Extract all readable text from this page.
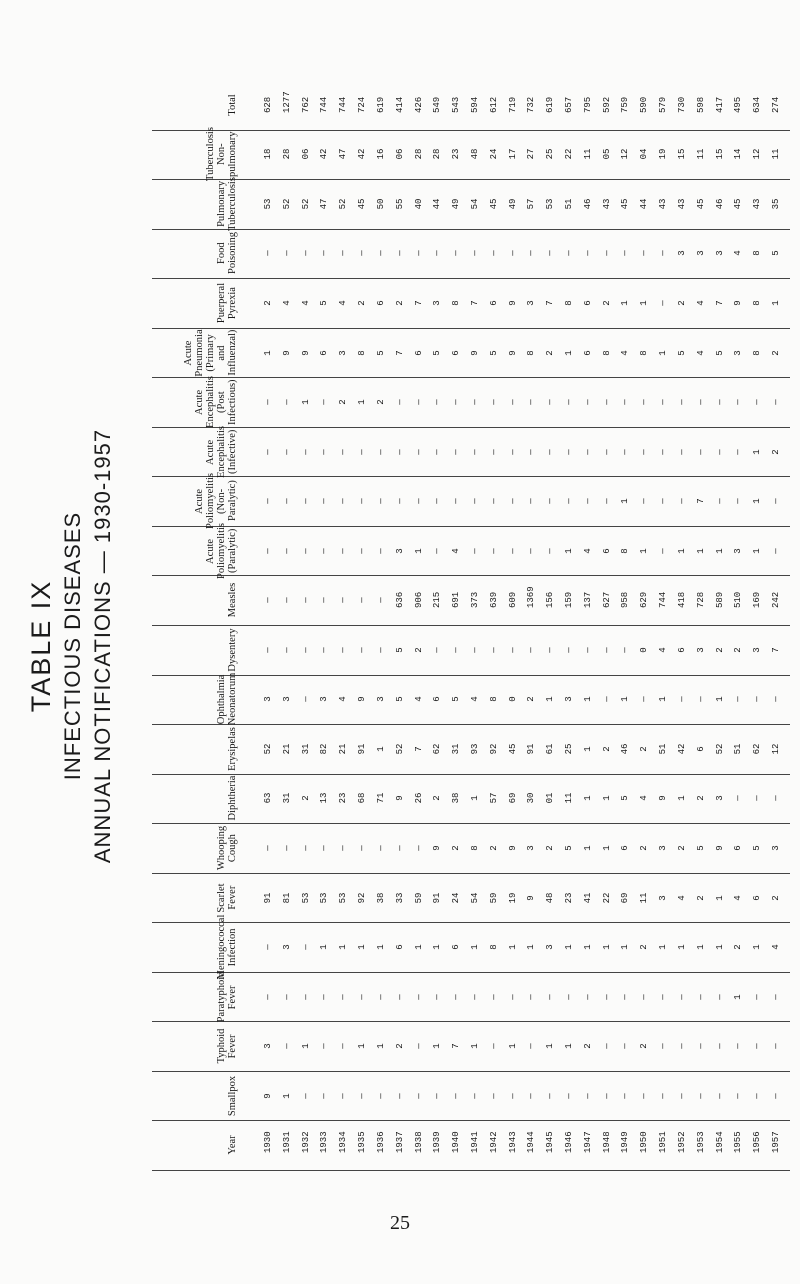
TABLE IX INFECTIOUS DISEASES ANNUAL NOTIFICATIONS — 1930-1957
Total	628 1277 762 744 744 724 619 414 426 549 543 594 612 719 732 619 657 795 592 759 590 579 730 598 417 495 634 274
Tuberculosis
Non-pulmonary	18 28 06 42 47 42 16 06 28 28 23 48 24 17 27 25 22 11 05 12 04 19 15 11 15 14 12 11
Pulmonary Tuberculosis	53 52 52 47 52 45 50 55 40 44 49 54 45 49 57 53 51 46 43 45 44 43 43 45 46 45 43 35
Food Poisoning	— — — — — — — — — — — — — — — — — — — — — — 3 3 3 4 8 5
Puerperal Pyrexia	2 4 4 5 4 2 6 2 7 3 8 7 6 9 3 7 8 6 2 1 1 — 2 4 7 9 8 1
Acute Pneumonia
(Primary and Influenzal)	1 9 9 6 3 8 5 7 6 5 6 9 5 9 8 2 1 6 8 4 8 1 5 4 5 3 8 2
Acute Encephalitis
(Post Infectious)	— — 1 — 2 1 2 — — — — — — — — — — — — — — — — — — — — —
Acute Encephalitis
(Infective)	— — — — — — — — — — — — — — — — — — — — — — — — — — 1 2
Acute Poliomyelitis
(Non-Paralytic)	— — — — — — — — — — — — — — — — — — — 1 — — — 7 — — 1 —
Acute Poliomyelitis
(Paralytic)	— — — — — — — 3 1 — 4 — — — — — 1 4 6 8 1 — 1 1 1 3 1 —
Measles	— — — — — — — 636 906 215 691 373 639 609 1369 156 159 137 627 958 629 744 418 728 589 510 169 242
Dysentery	— — — — — — — 5 2 — — — — — — — — — — — 0 4 6 3 2 2 3 7
Ophthalmia
Neonatorum	3 3 — 3 4 9 3 5 4 6 5 4 8 0 2 1 3 1 — 1 — 1 — — 1 — — —
Erysipelas	52 21 31 82 21 91 1 52 7 62 31 93 92 45 91 61 25 1 2 46 2 51 42 6 52 51 62 12
Diphtheria	63 31 2 13 23 68 71 9 26 2 38 1 57 69 30 01 11 1 1 5 4 9 1 2 3 — — —
Whooping Cough	— — — — — — — — — 9 2 8 2 9 3 2 5 1 1 6 2 3 2 5 9 6 5 3
Scarlet Fever	91 81 53 53 53 92 38 33 59 91 24 54 59 19 9 48 23 41 22 69 11 3 4 2 1 4 6 2
Meningococcal Infection	— 3 — 1 1 1 1 6 1 1 6 1 8 1 1 3 1 1 1 1 2 1 1 1 1 2 1 4
Paratyphoid Fever	— — — — — — — — — — — — — — — — — — — — — — — — — 1 — —
Typhoid Fever	3 — 1 — — 1 1 2 — 1 7 1 — 1 — 1 1 2 — — 2 — — — — — — —
Smallpox	9 1 — — — — — — — — — — — — — — — — — — — — — — — — — —
Year	1930 1931 1932 1933 1934 1935 1936 1937 1938 1939 1940 1941 1942 1943 1944 1945 1946 1947 1948 1949 1950 1951 1952 1953 1954 1955 1956 1957
25
